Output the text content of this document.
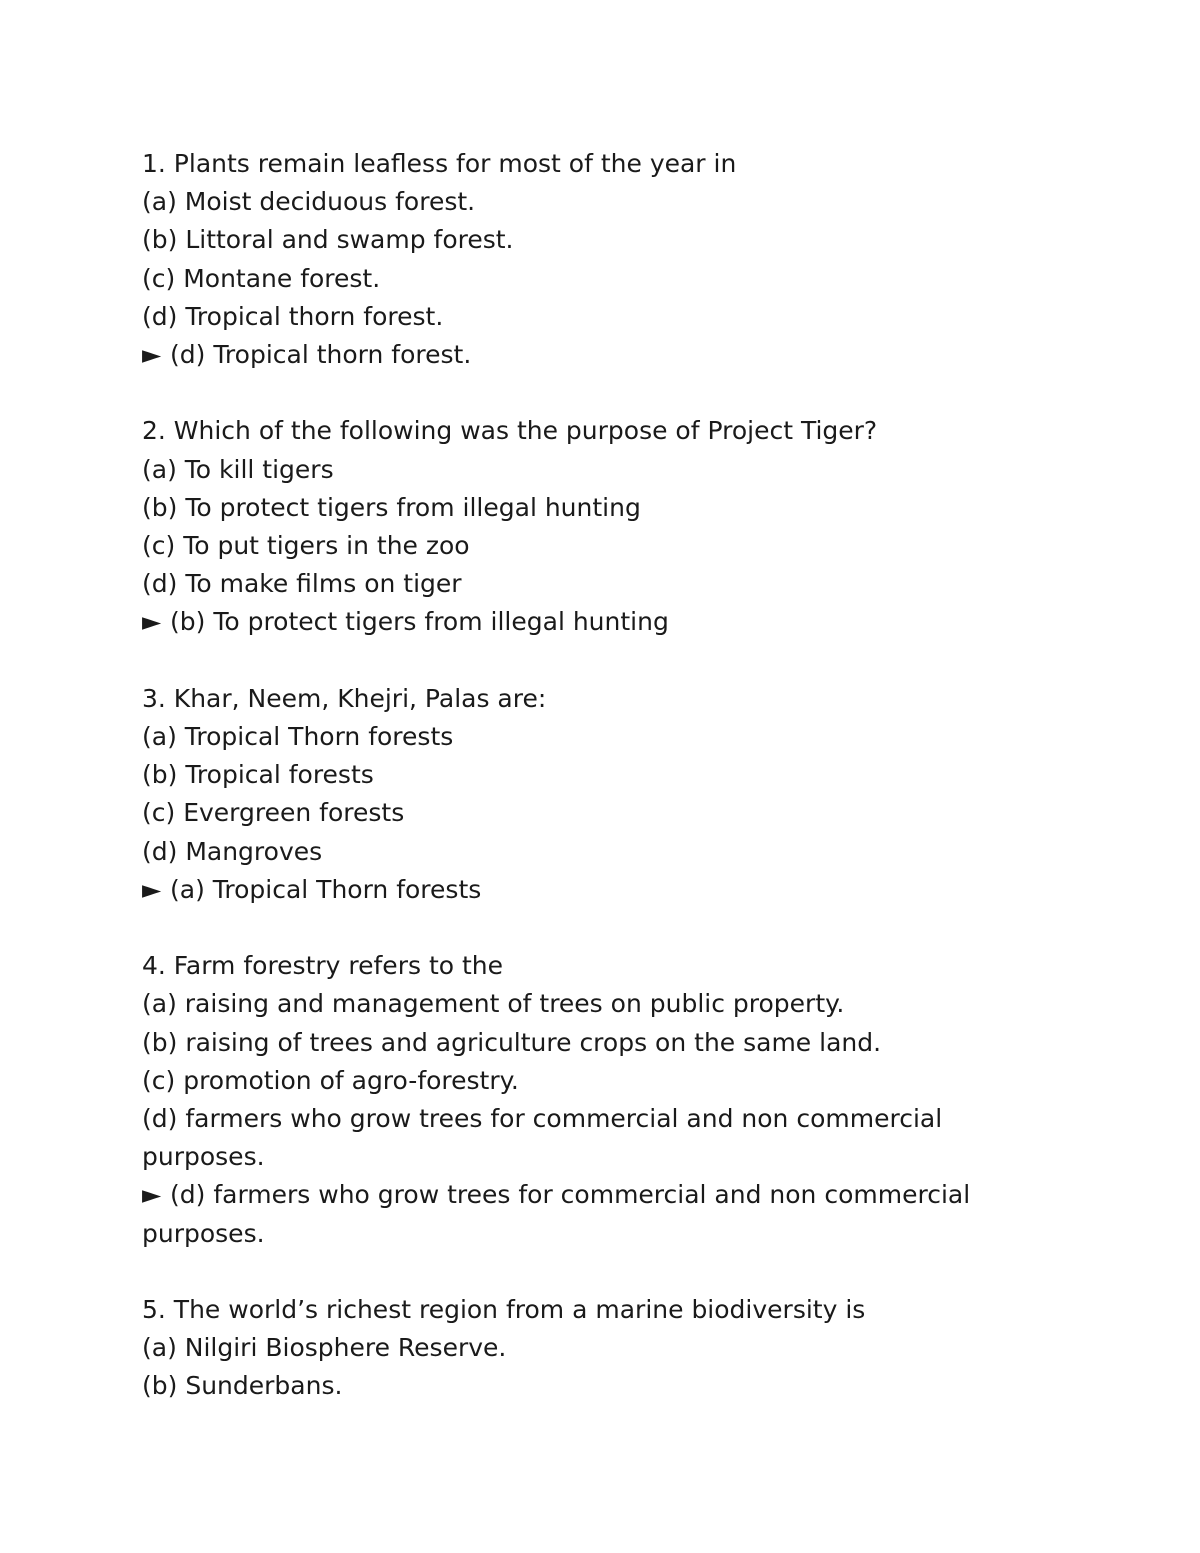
1. Plants remain leafless for most of the year in
(a) Moist deciduous forest.
(b) Littoral and swamp forest.
(c) Montane forest.
(d) Tropical thorn forest.
► (d) Tropical thorn forest.
2. Which of the following was the purpose of Project Tiger?
(a) To kill tigers
(b) To protect tigers from illegal hunting
(c) To put tigers in the zoo
(d) To make films on tiger
► (b) To protect tigers from illegal hunting
3. Khar, Neem, Khejri, Palas are:
(a) Tropical Thorn forests
(b) Tropical forests
(c) Evergreen forests
(d) Mangroves
► (a) Tropical Thorn forests
4. Farm forestry refers to the
(a) raising and management of trees on public property.
(b) raising of trees and agriculture crops on the same land.
(c) promotion of agro-forestry.
(d) farmers who grow trees for commercial and non commercial purposes.
► (d) farmers who grow trees for commercial and non commercial purposes.
5. The world’s richest region from a marine biodiversity is
(a) Nilgiri Biosphere Reserve.
(b) Sunderbans.
